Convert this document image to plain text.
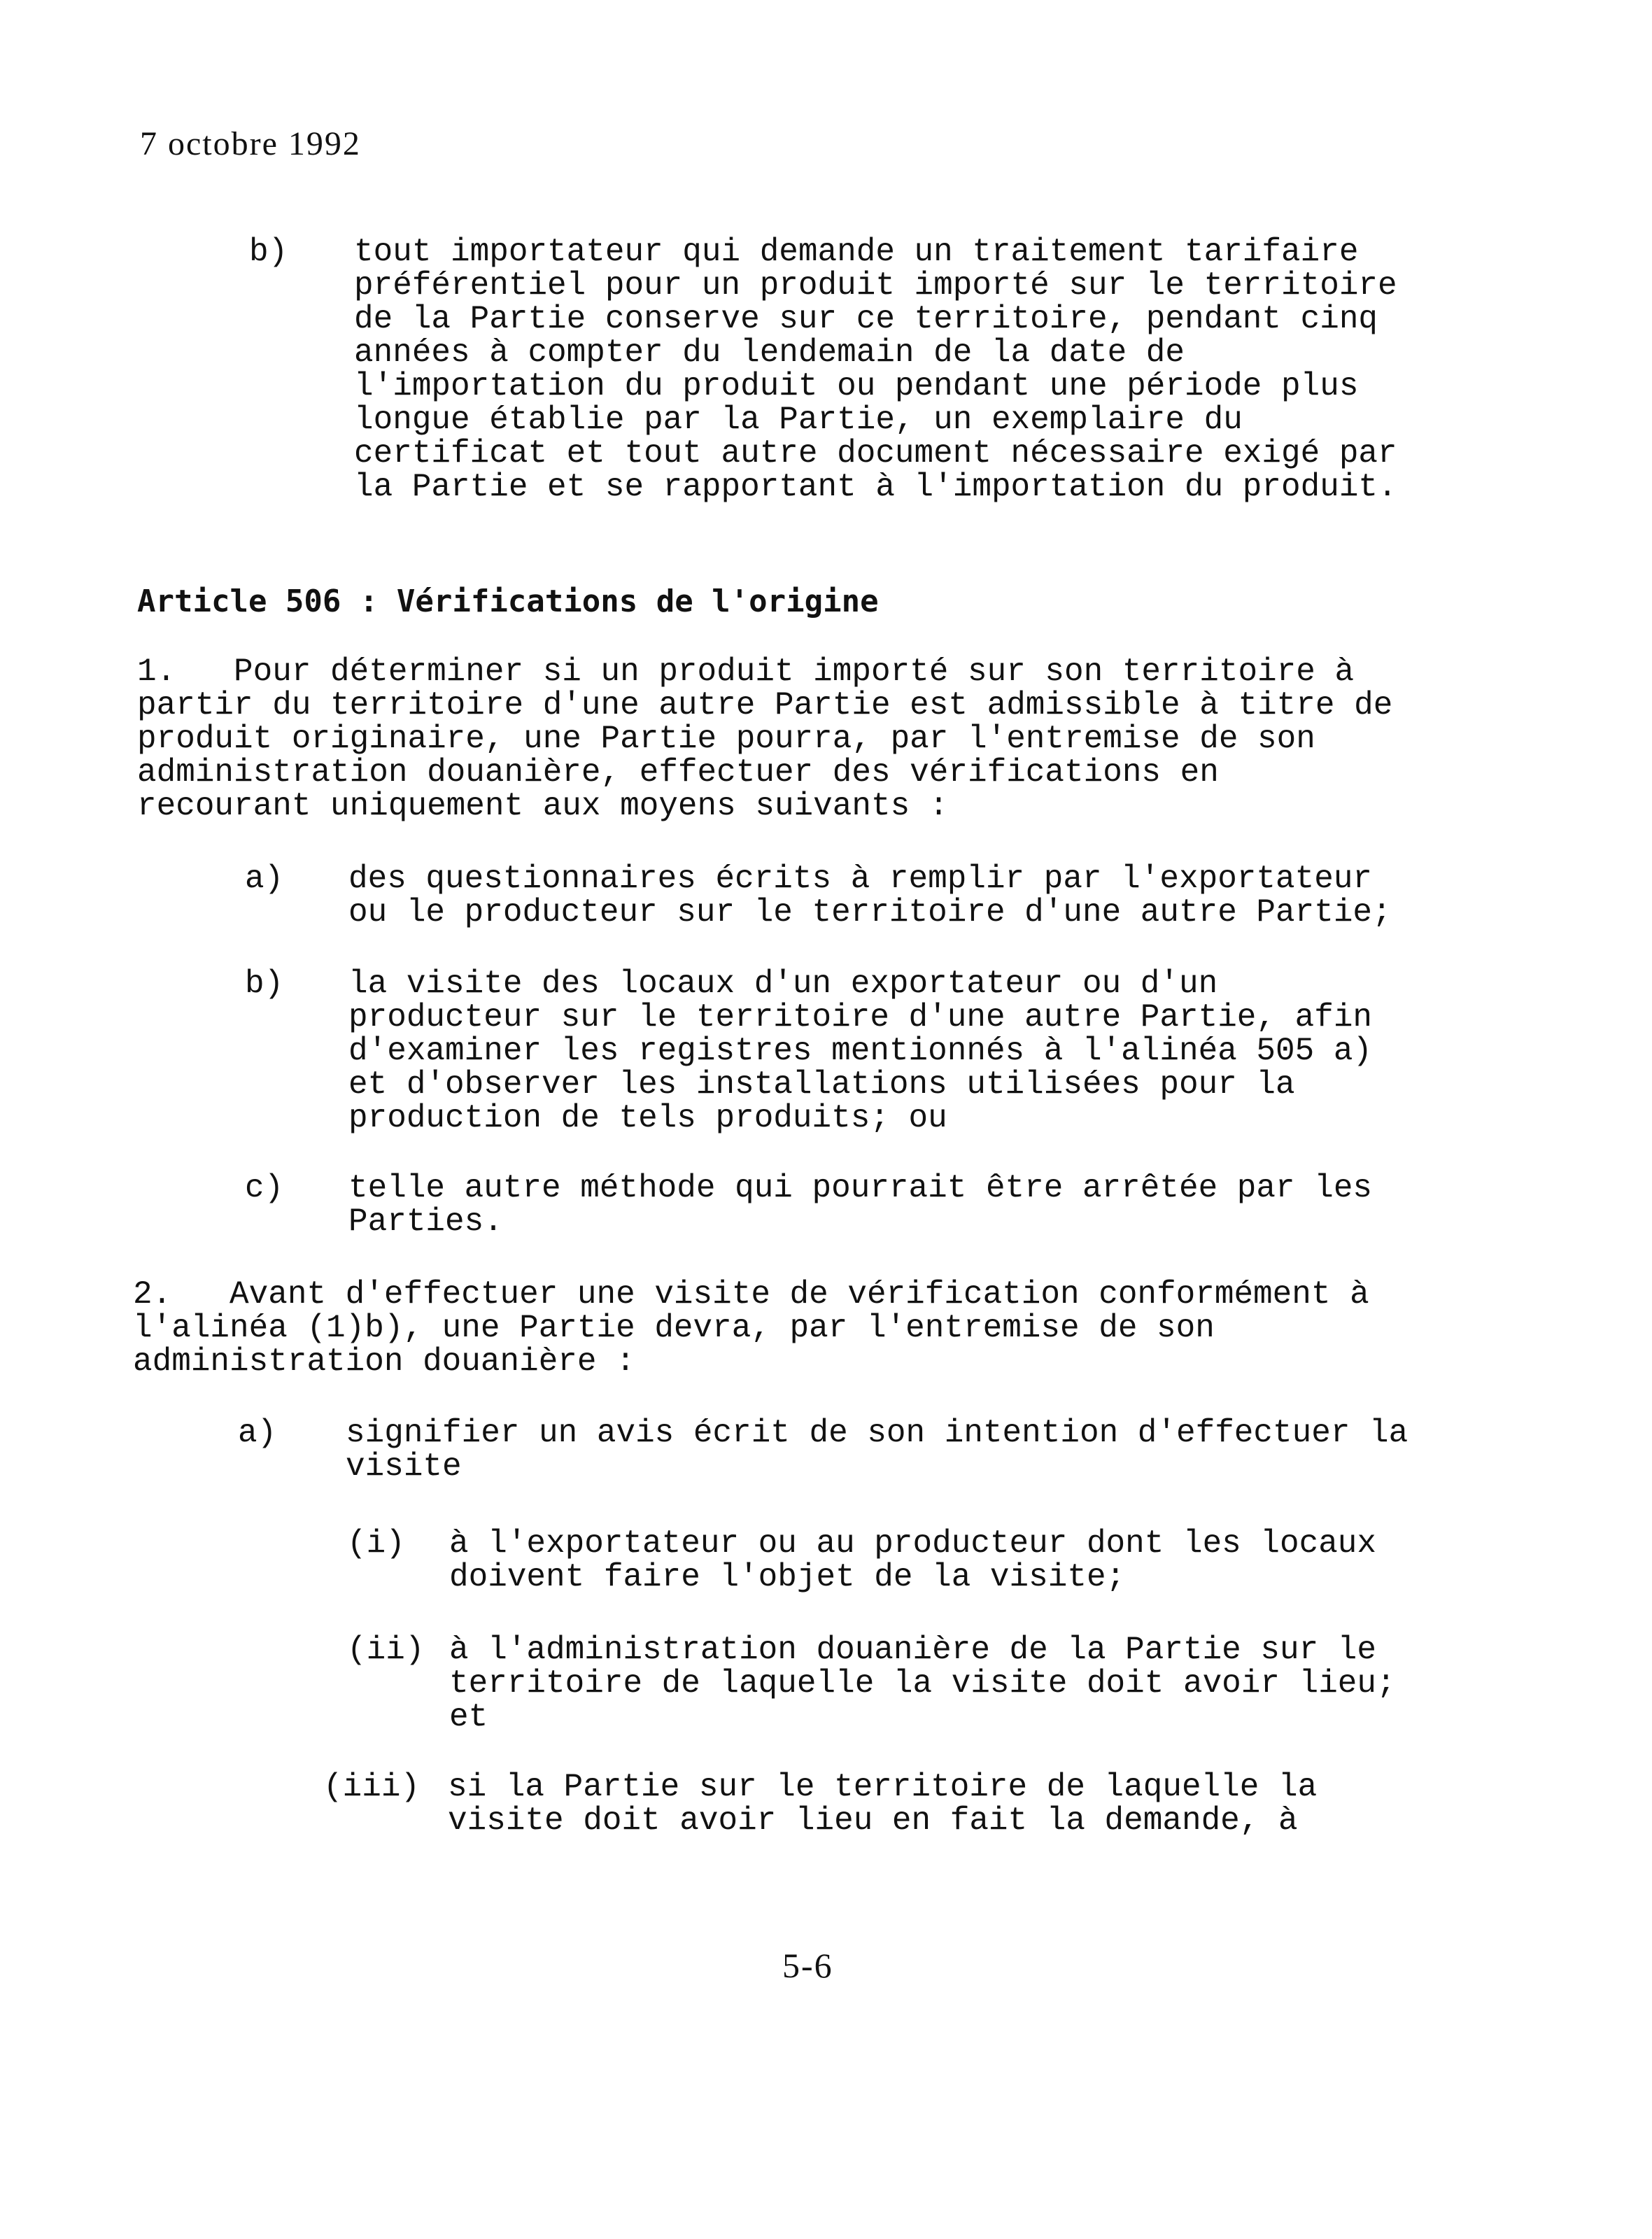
7 octobre 1992
b) tout importateur qui demande un traitement tarifaire
préférentiel pour un produit importé sur le territoire
de la Partie conserve sur ce territoire, pendant cinq
années à compter du lendemain de la date de
l'importation du produit ou pendant une période plus
longue établie par la Partie, un exemplaire du
certificat et tout autre document nécessaire exigé par
la Partie et se rapportant à l'importation du produit.
Article 506 : Vérifications de l'origine
1.   Pour déterminer si un produit importé sur son territoire à
partir du territoire d'une autre Partie est admissible à titre de
produit originaire, une Partie pourra, par l'entremise de son
administration douanière, effectuer des vérifications en
recourant uniquement aux moyens suivants :
a) des questionnaires écrits à remplir par l'exportateur
ou le producteur sur le territoire d'une autre Partie;
b) la visite des locaux d'un exportateur ou d'un
producteur sur le territoire d'une autre Partie, afin
d'examiner les registres mentionnés à l'alinéa 505 a)
et d'observer les installations utilisées pour la
production de tels produits; ou
c) telle autre méthode qui pourrait être arrêtée par les
Parties.
2.   Avant d'effectuer une visite de vérification conformément à
l'alinéa (1)b), une Partie devra, par l'entremise de son
administration douanière :
a) signifier un avis écrit de son intention d'effectuer la
visite
(i) à l'exportateur ou au producteur dont les locaux
doivent faire l'objet de la visite;
(ii) à l'administration douanière de la Partie sur le
territoire de laquelle la visite doit avoir lieu;
et
(iii) si la Partie sur le territoire de laquelle la
visite doit avoir lieu en fait la demande, à
5-6
